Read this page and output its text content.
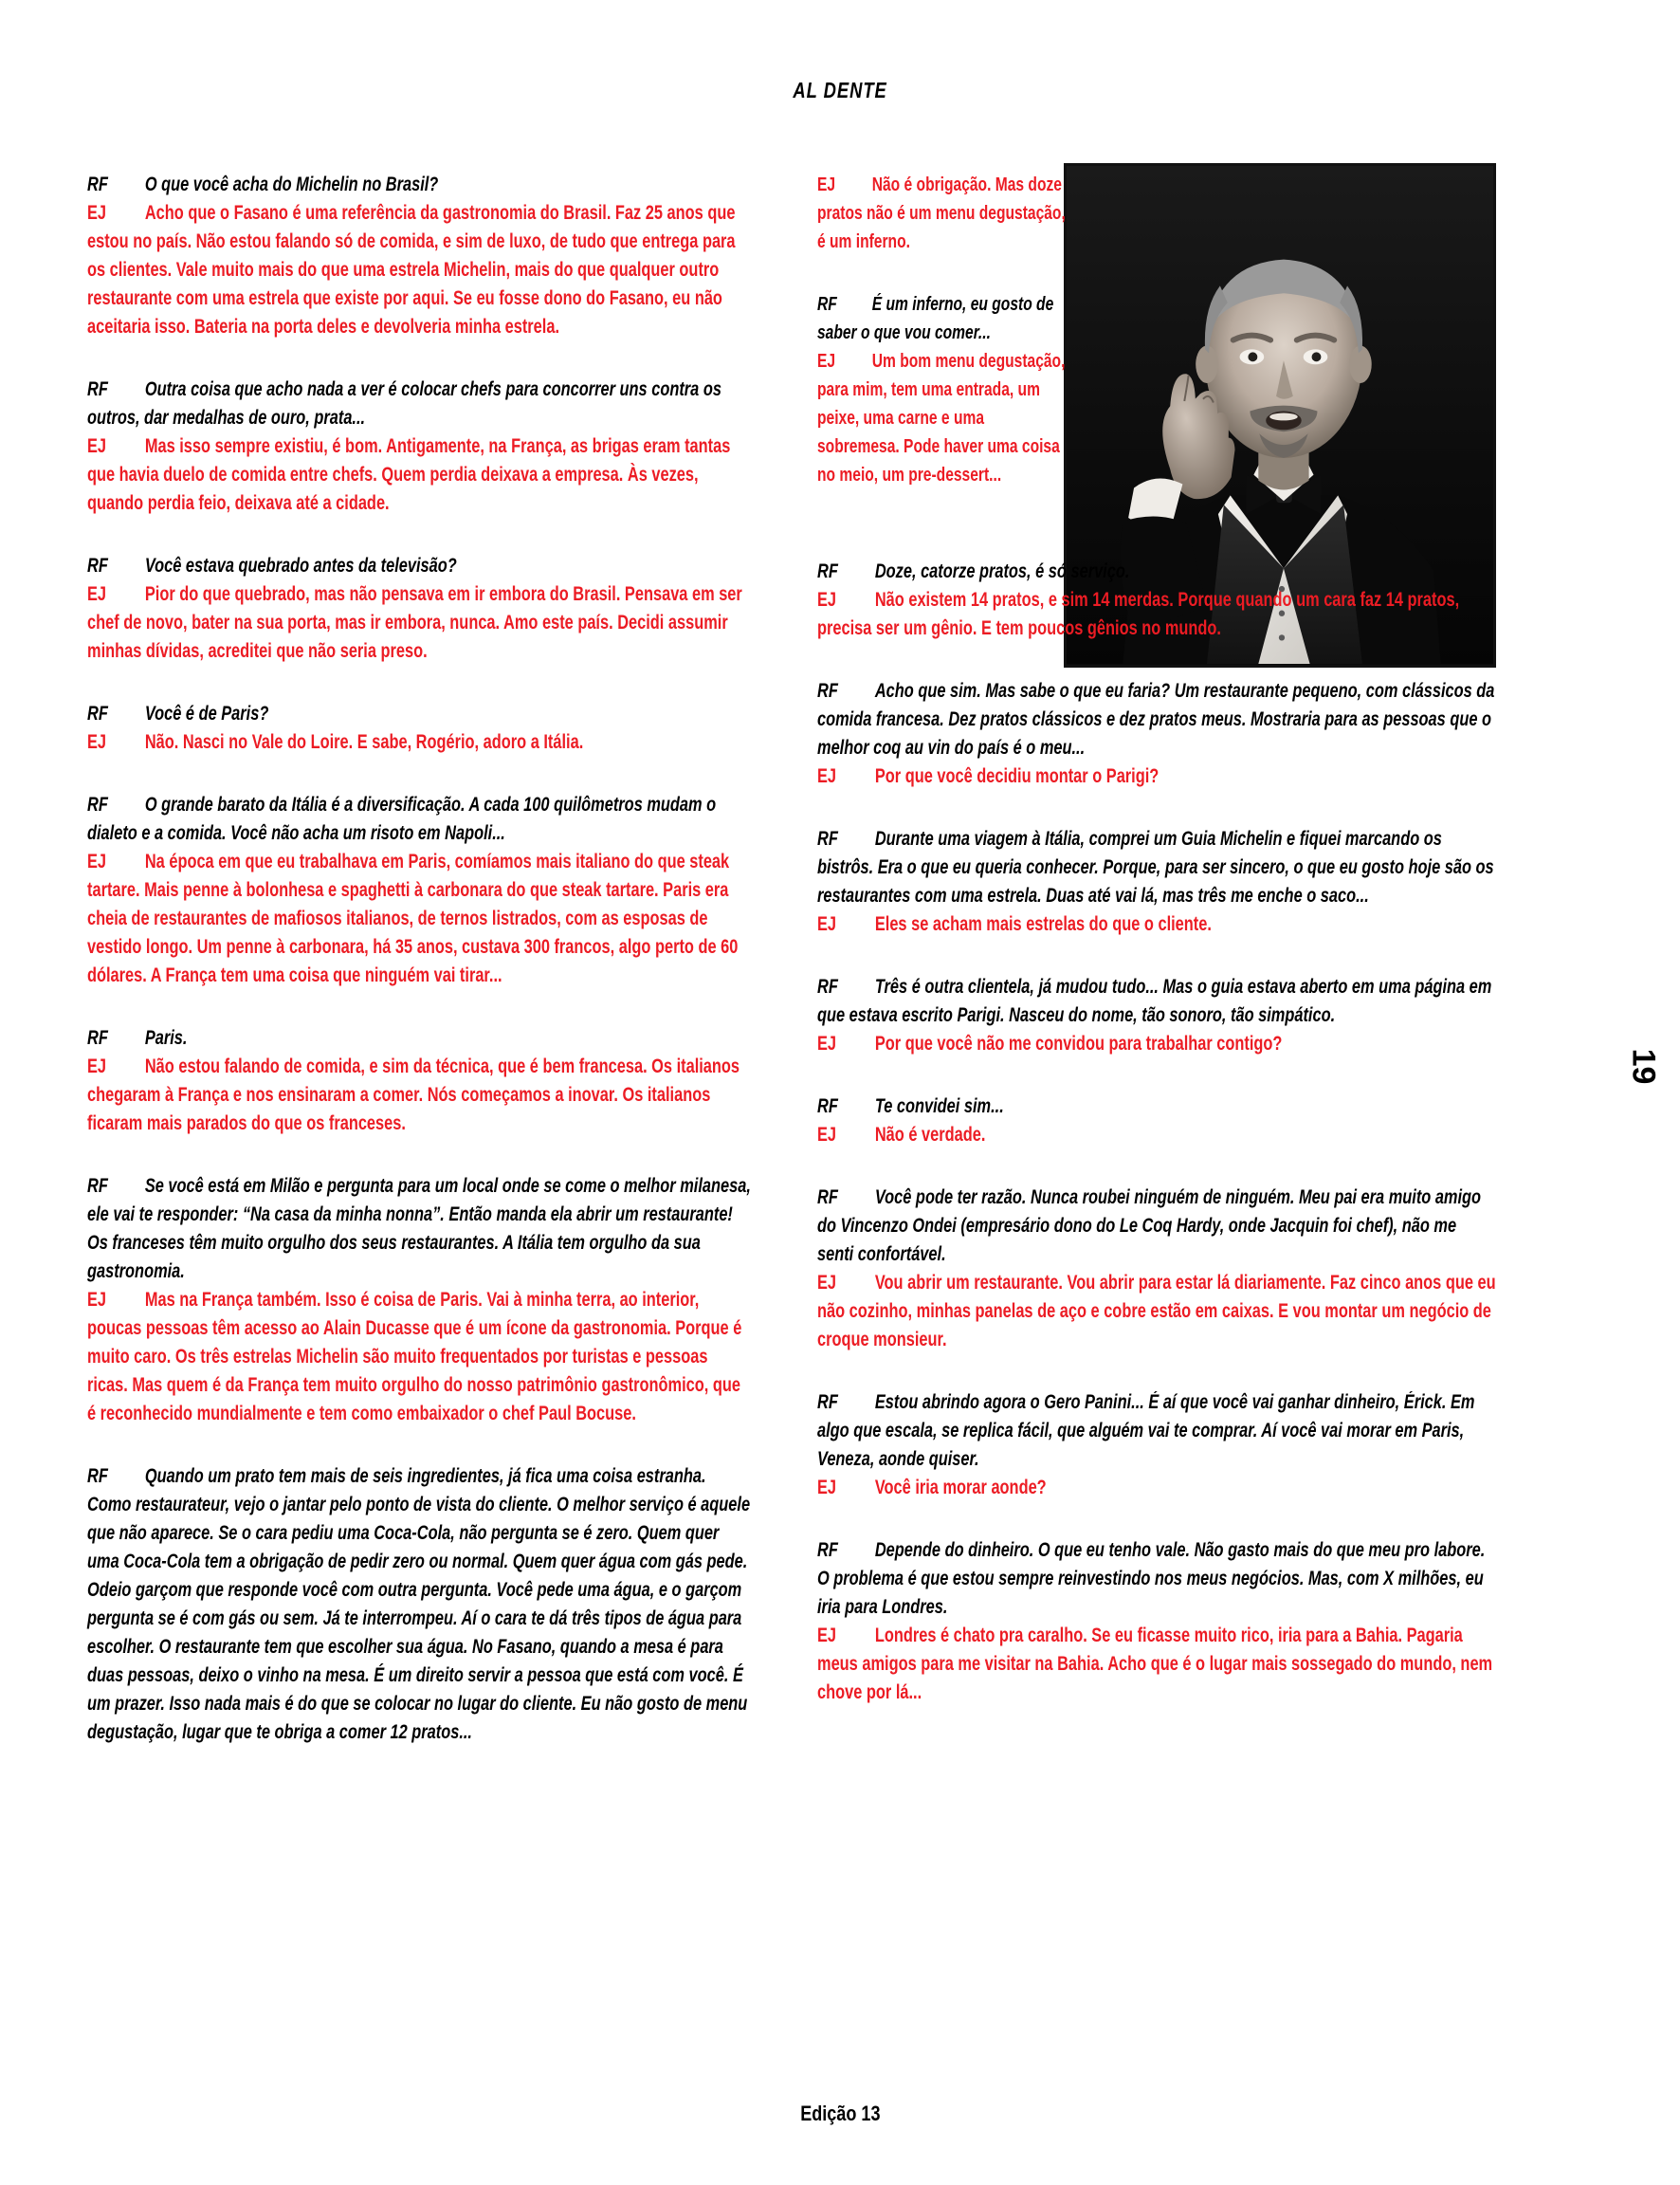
AL DENTE
RF O que você acha do Michelin no Brasil?
EJ Acho que o Fasano é uma referência da gastronomia do Brasil. Faz 25 anos que estou no país. Não estou falando só de comida, e sim de luxo, de tudo que entrega para os clientes. Vale muito mais do que uma estrela Michelin, mais do que qualquer outro restaurante com uma estrela que existe por aqui. Se eu fosse dono do Fasano, eu não aceitaria isso. Bateria na porta deles e devolveria minha estrela.
RF Outra coisa que acho nada a ver é colocar chefs para concorrer uns contra os outros, dar medalhas de ouro, prata...
EJ Mas isso sempre existiu, é bom. Antigamente, na França, as brigas eram tantas que havia duelo de comida entre chefs. Quem perdia deixava a empresa. Às vezes, quando perdia feio, deixava até a cidade.
RF Você estava quebrado antes da televisão?
EJ Pior do que quebrado, mas não pensava em ir embora do Brasil. Pensava em ser chef de novo, bater na sua porta, mas ir embora, nunca. Amo este país. Decidi assumir minhas dívidas, acreditei que não seria preso.
RF Você é de Paris?
EJ Não. Nasci no Vale do Loire. E sabe, Rogério, adoro a Itália.
RF O grande barato da Itália é a diversificação. A cada 100 quilômetros mudam o dialeto e a comida. Você não acha um risoto em Napoli...
EJ Na época em que eu trabalhava em Paris, comíamos mais italiano do que steak tartare. Mais penne à bolonhesa e spaghetti à carbonara do que steak tartare. Paris era cheia de restaurantes de mafiosos italianos, de ternos listrados, com as esposas de vestido longo. Um penne à carbonara, há 35 anos, custava 300 francos, algo perto de 60 dólares. A França tem uma coisa que ninguém vai tirar...
RF Paris.
EJ Não estou falando de comida, e sim da técnica, que é bem francesa. Os italianos chegaram à França e nos ensinaram a comer. Nós começamos a inovar. Os italianos ficaram mais parados do que os franceses.
RF Se você está em Milão e pergunta para um local onde se come o melhor milanesa, ele vai te responder: “Na casa da minha nonna”. Então manda ela abrir um restaurante! Os franceses têm muito orgulho dos seus restaurantes. A Itália tem orgulho da sua gastronomia.
EJ Mas na França também. Isso é coisa de Paris. Vai à minha terra, ao interior, poucas pessoas têm acesso ao Alain Ducasse que é um ícone da gastronomia. Porque é muito caro. Os três estrelas Michelin são muito frequentados por turistas e pessoas ricas. Mas quem é da França tem muito orgulho do nosso patrimônio gastronômico, que é reconhecido mundialmente e tem como embaixador o chef Paul Bocuse.
RF Quando um prato tem mais de seis ingredientes, já fica uma coisa estranha. Como restaurateur, vejo o jantar pelo ponto de vista do cliente. O melhor serviço é aquele que não aparece. Se o cara pediu uma Coca-Cola, não pergunta se é zero. Quem quer uma Coca-Cola tem a obrigação de pedir zero ou normal. Quem quer água com gás pede. Odeio garçom que responde você com outra pergunta. Você pede uma água, e o garçom pergunta se é com gás ou sem. Já te interrompeu. Aí o cara te dá três tipos de água para escolher. O restaurante tem que escolher sua água. No Fasano, quando a mesa é para duas pessoas, deixo o vinho na mesa. É um direito servir a pessoa que está com você. É um prazer. Isso nada mais é do que se colocar no lugar do cliente. Eu não gosto de menu degustação, lugar que te obriga a comer 12 pratos...
EJ Não é obrigação. Mas doze pratos não é um menu degustação, é um inferno.
RF É um inferno, eu gosto de saber o que vou comer...
EJ Um bom menu degustação, para mim, tem uma entrada, um peixe, uma carne e uma sobremesa. Pode haver uma coisa no meio, um pre-dessert...
RF Doze, catorze pratos, é só serviço.
EJ Não existem 14 pratos, e sim 14 merdas. Porque quando um cara faz 14 pratos, precisa ser um gênio. E tem poucos gênios no mundo.
RF Acho que sim. Mas sabe o que eu faria? Um restaurante pequeno, com clássicos da comida francesa. Dez pratos clássicos e dez pratos meus. Mostraria para as pessoas que o melhor coq au vin do país é o meu...
EJ Por que você decidiu montar o Parigi?
RF Durante uma viagem à Itália, comprei um Guia Michelin e fiquei marcando os bistrôs. Era o que eu queria conhecer. Porque, para ser sincero, o que eu gosto hoje são os restaurantes com uma estrela. Duas até vai lá, mas três me enche o saco...
EJ Eles se acham mais estrelas do que o cliente.
RF Três é outra clientela, já mudou tudo... Mas o guia estava aberto em uma página em que estava escrito Parigi. Nasceu do nome, tão sonoro, tão simpático.
EJ Por que você não me convidou para trabalhar contigo?
RF Te convidei sim...
EJ Não é verdade.
RF Você pode ter razão. Nunca roubei ninguém de ninguém. Meu pai era muito amigo do Vincenzo Ondei (empresário dono do Le Coq Hardy, onde Jacquin foi chef), não me senti confortável.
EJ Vou abrir um restaurante. Vou abrir para estar lá diariamente. Faz cinco anos que eu não cozinho, minhas panelas de aço e cobre estão em caixas. E vou montar um negócio de croque monsieur.
RF Estou abrindo agora o Gero Panini... É aí que você vai ganhar dinheiro, Érick. Em algo que escala, se replica fácil, que alguém vai te comprar. Aí você vai morar em Paris, Veneza, aonde quiser.
EJ Você iria morar aonde?
RF Depende do dinheiro. O que eu tenho vale. Não gasto mais do que meu pro labore. O problema é que estou sempre reinvestindo nos meus negócios. Mas, com X milhões, eu iria para Londres.
EJ Londres é chato pra caralho. Se eu ficasse muito rico, iria para a Bahia. Pagaria meus amigos para me visitar na Bahia. Acho que é o lugar mais sossegado do mundo, nem chove por lá...
19
Edição 13
